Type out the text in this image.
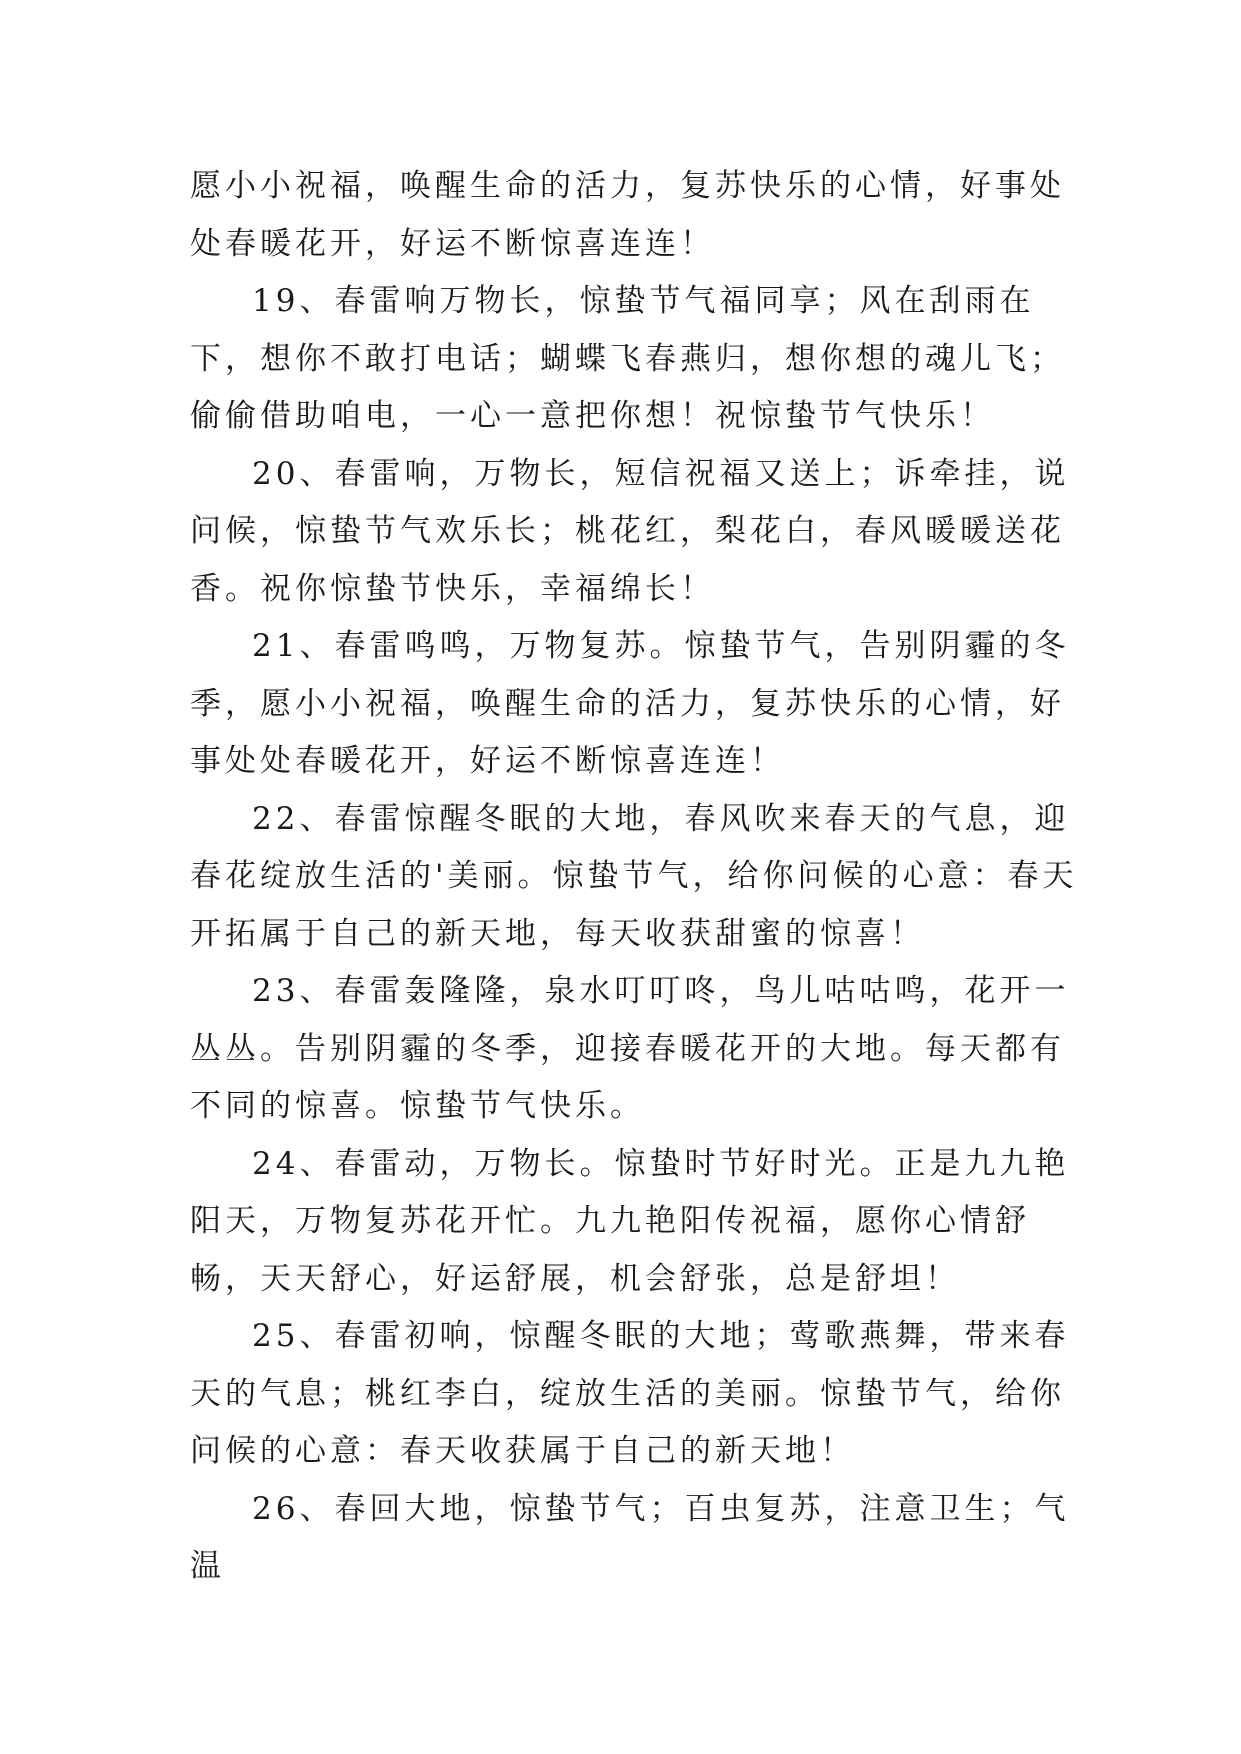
愿小小祝福，唤醒生命的活力，复苏快乐的心情，好事处处春暖花开，好运不断惊喜连连！

19、春雷响万物长，惊蛰节气福同享；风在刮雨在下，想你不敢打电话；蝴蝶飞春燕归，想你想的魂儿飞；偷偷借助咱电，一心一意把你想！祝惊蛰节气快乐！

20、春雷响，万物长，短信祝福又送上；诉牵挂，说问候，惊蛰节气欢乐长；桃花红，梨花白，春风暖暖送花香。祝你惊蛰节快乐，幸福绵长！

21、春雷鸣鸣，万物复苏。惊蛰节气，告别阴霾的冬季，愿小小祝福，唤醒生命的活力，复苏快乐的心情，好事处处春暖花开，好运不断惊喜连连！

22、春雷惊醒冬眠的大地，春风吹来春天的气息，迎春花绽放生活的'美丽。惊蛰节气，给你问候的心意：春天开拓属于自己的新天地，每天收获甜蜜的惊喜！

23、春雷轰隆隆，泉水叮叮咚，鸟儿咕咕鸣，花开一丛丛。告别阴霾的冬季，迎接春暖花开的大地。每天都有不同的惊喜。惊蛰节气快乐。

24、春雷动，万物长。惊蛰时节好时光。正是九九艳阳天，万物复苏花开忙。九九艳阳传祝福，愿你心情舒畅，天天舒心，好运舒展，机会舒张，总是舒坦！

25、春雷初响，惊醒冬眠的大地；莺歌燕舞，带来春天的气息；桃红李白，绽放生活的美丽。惊蛰节气，给你问候的心意：春天收获属于自己的新天地！

26、春回大地，惊蛰节气；百虫复苏，注意卫生；气温
